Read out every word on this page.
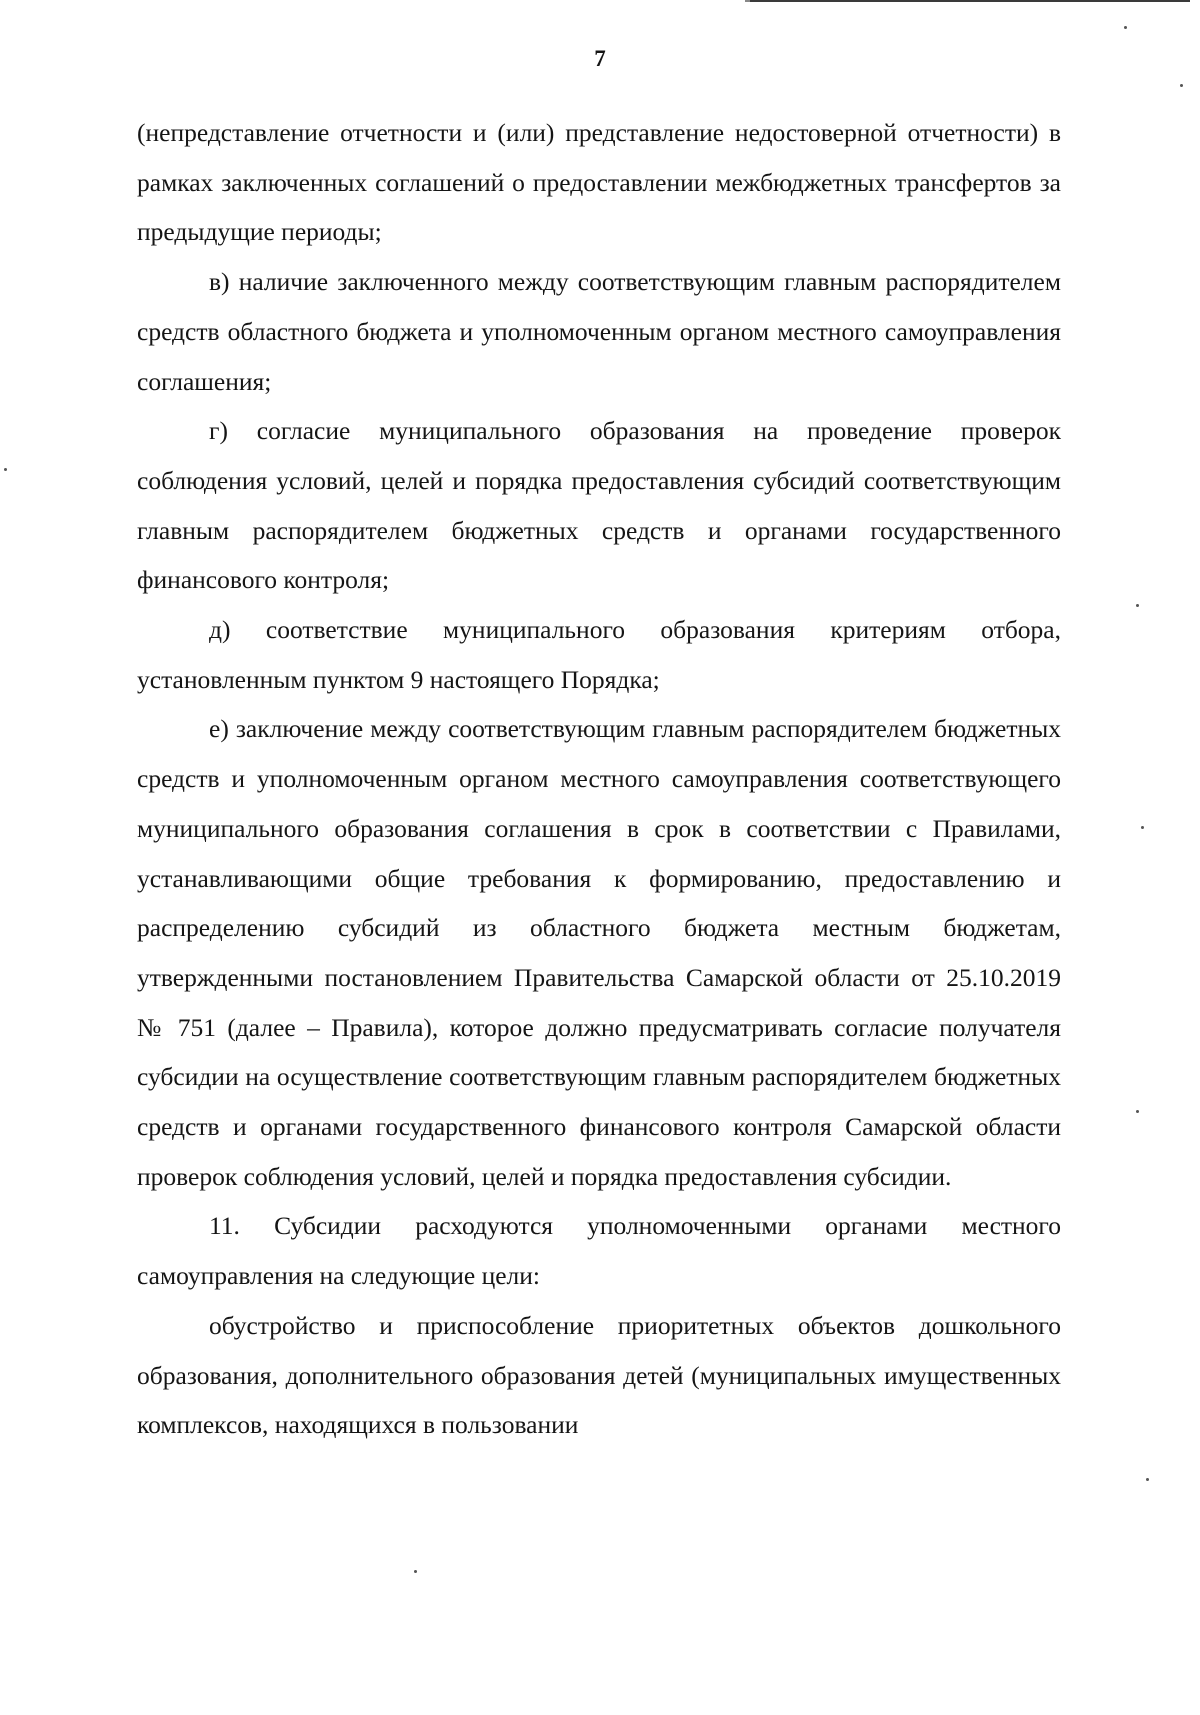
7

(непредставление отчетности и (или) представление недостоверной отчетности) в рамках заключенных соглашений о предоставлении межбюджетных трансфертов за предыдущие периоды;

в) наличие заключенного между соответствующим главным распорядителем средств областного бюджета и уполномоченным органом местного самоуправления соглашения;

г) согласие муниципального образования на проведение проверок соблюдения условий, целей и порядка предоставления субсидий соответствующим главным распорядителем бюджетных средств и органами государственного финансового контроля;

д) соответствие муниципального образования критериям отбора, установленным пунктом 9 настоящего Порядка;

е) заключение между соответствующим главным распорядителем бюджетных средств и уполномоченным органом местного самоуправления соответствующего муниципального образования соглашения в срок в соответствии с Правилами, устанавливающими общие требования к формированию, предоставлению и распределению субсидий из областного бюджета местным бюджетам, утвержденными постановлением Правительства Самарской области от 25.10.2019 № 751 (далее – Правила), которое должно предусматривать согласие получателя субсидии на осуществление соответствующим главным распорядителем бюджетных средств и органами государственного финансового контроля Самарской области проверок соблюдения условий, целей и порядка предоставления субсидии.

11. Субсидии расходуются уполномоченными органами местного самоуправления на следующие цели:

обустройство и приспособление приоритетных объектов дошкольного образования, дополнительного образования детей (муниципальных имущественных комплексов, находящихся в пользовании
